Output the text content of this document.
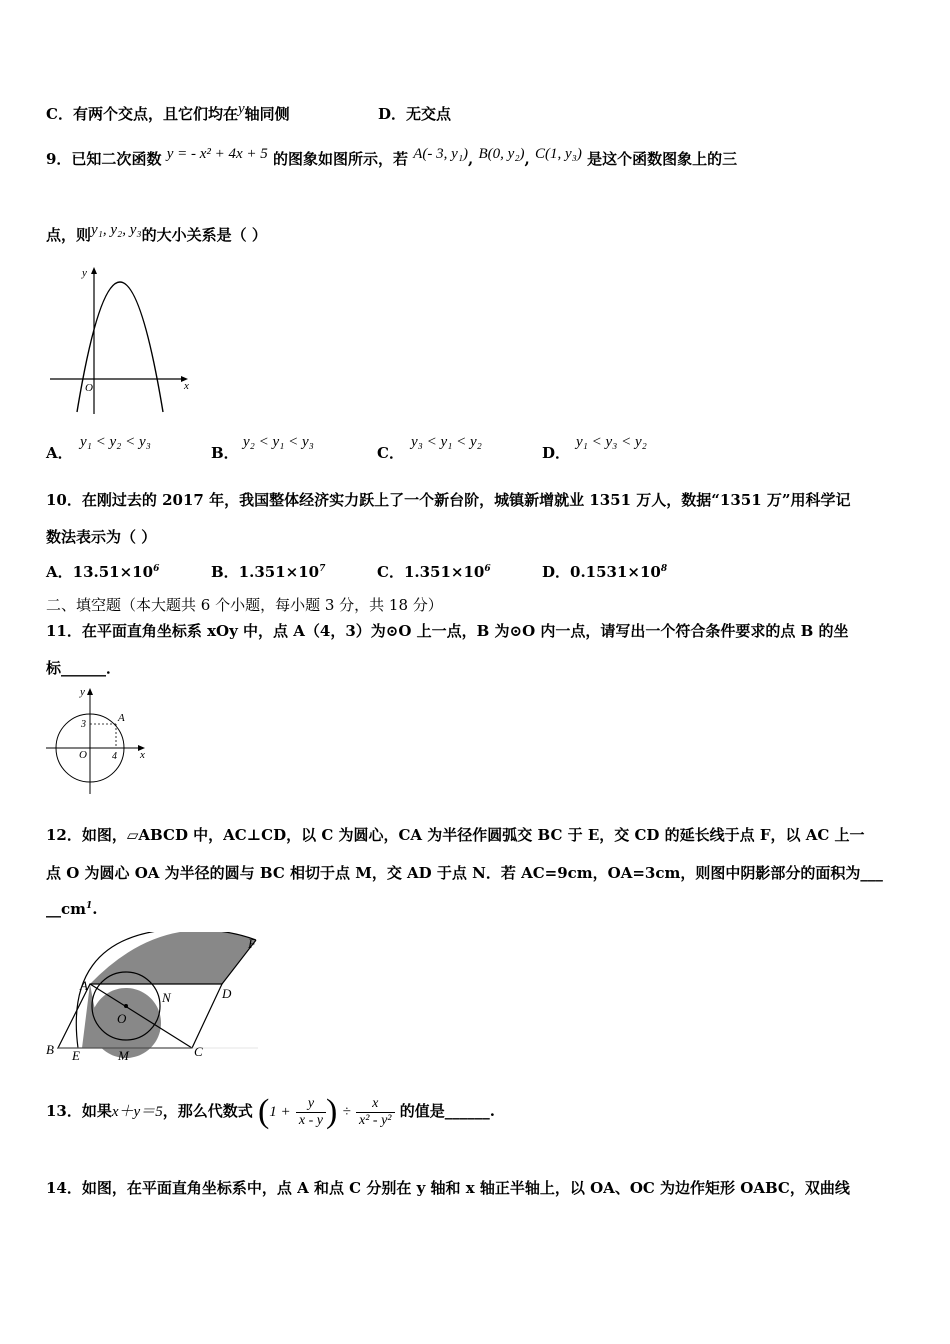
C．有两个交点，且它们均在y轴同侧	D．无交点
9．已知二次函数 y = - x² + 4x + 5 的图象如图所示，若 A(- 3, y₁), B(0, y₂), C(1, y₃) 是这个函数图象上的三
点，则y₁, y₂, y₃的大小关系是（ ）
x
y
O
A．
y₁ < y₂ < y₃
B．
y₂ < y₁ < y₃
C．
y₃ < y₁ < y₂
D．
y₁ < y₃ < y₂
10．在刚过去的 2017 年，我国整体经济实力跃上了一个新台阶，城镇新增就业 1351 万人，数据“1351 万”用科学记
数法表示为（ ）
A．$13.51\times 10^6$	B．$1.351\times 10^7$	C．$1.351\times 10^6$	D．$0.1531\times 10^8$
二、填空题（本大题共 6 个小题，每小题 3 分，共 18 分）
11．在平面直角坐标系 xOy 中，点 A（4，3）为⊙O 上一点，B 为⊙O 内一点，请写出一个符合条件要求的点 B 的坐
标______．
x
y
O
3
4
A
12．如图，▱ABCD 中，AC⊥CD，以 C 为圆心，CA 为半径作圆弧交 BC 于 E，交 CD 的延长线于点 F，以 AC 上一
点 O 为圆心 OA 为半径的圆与 BC 相切于点 M，交 AD 于点 N．若 AC=9cm，OA=3cm，则图中阴影部分的面积为___
$\_\_cm^1$.
A
B	C
D
E
F
M
N
O
13．如果x＋y＝5，那么代数式 ($1 + \frac{y}{x - y}$ ) ÷ $\frac{x}{\text{x² - y²}}$ 的值是______.
14．如图，在平面直角坐标系中，点 A 和点 C 分别在 y 轴和 x 轴正半轴上，以 OA、OC 为边作矩形 OABC，双曲线
